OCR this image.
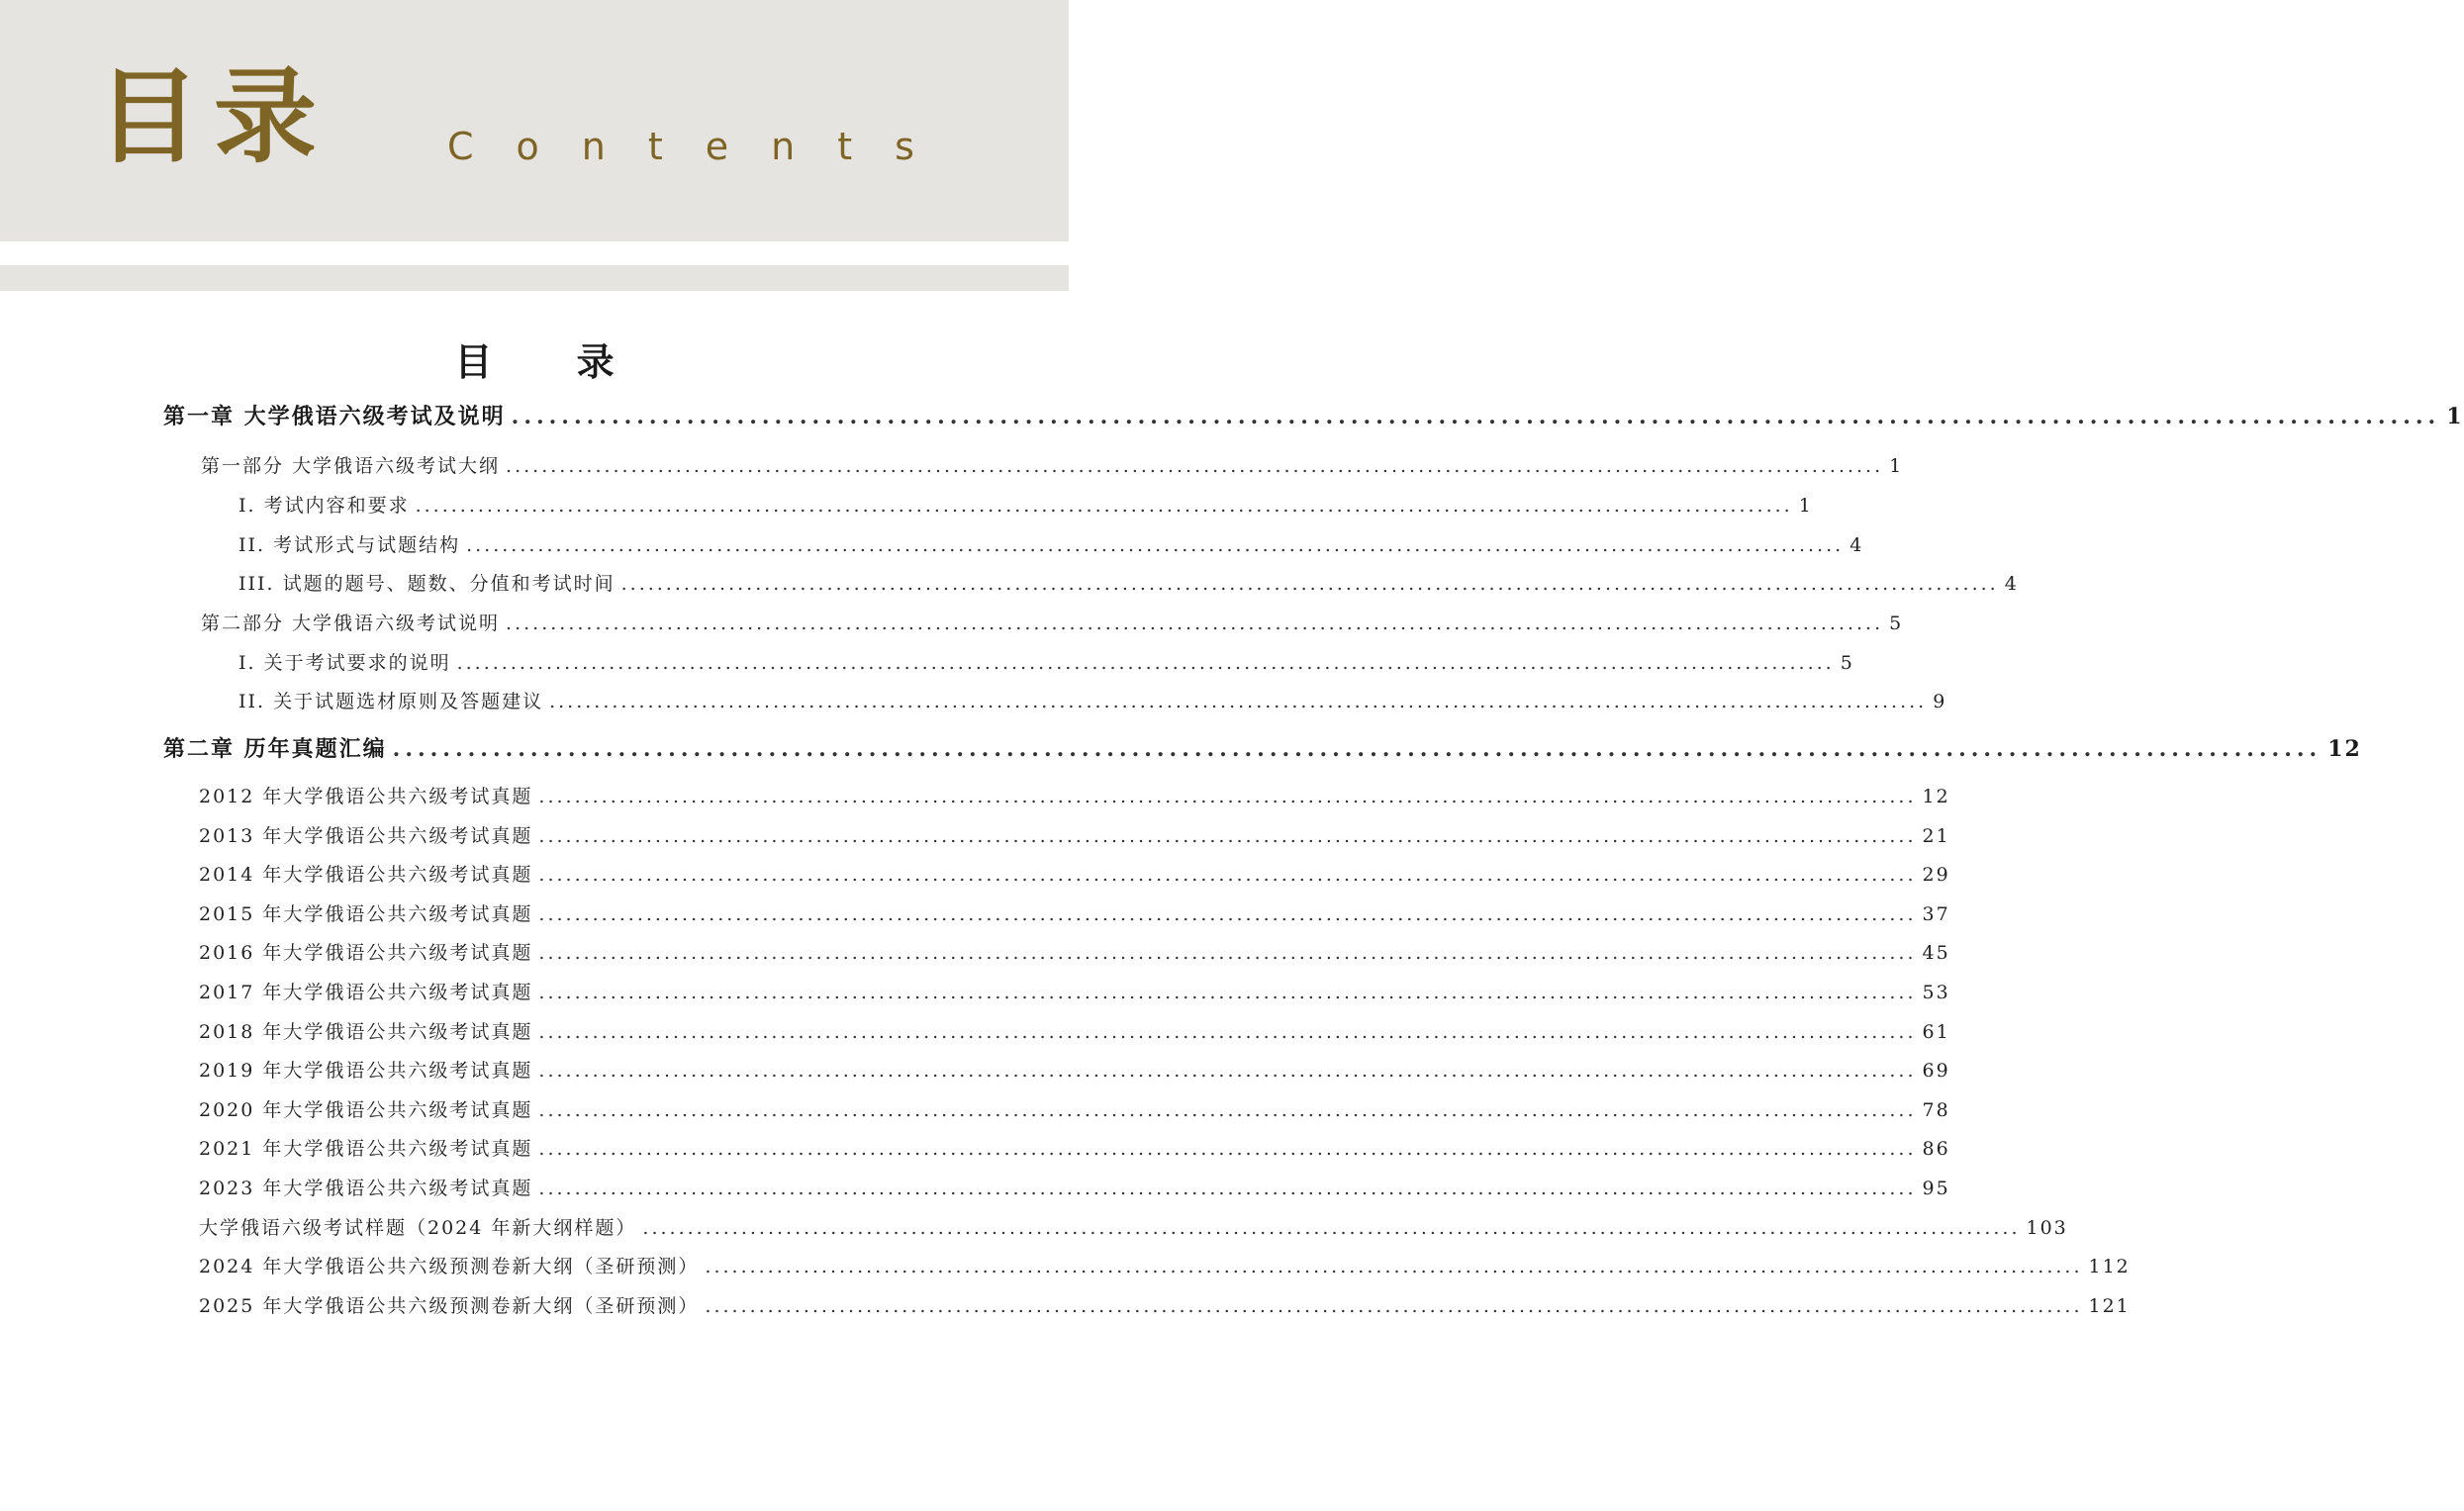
目录	Contents
目 录
第一章 大学俄语六级考试及说明 .......................................................................................................................................................... 1
第一部分 大学俄语六级考试大纲 .......................................................................................................................................................... 1
I. 考试内容和要求 .......................................................................................................................................................... 1
II. 考试形式与试题结构 .......................................................................................................................................................... 4
III. 试题的题号、题数、分值和考试时间 .......................................................................................................................................................... 4
第二部分 大学俄语六级考试说明 .......................................................................................................................................................... 5
I. 关于考试要求的说明 .......................................................................................................................................................... 5
II. 关于试题选材原则及答题建议 .......................................................................................................................................................... 9
第二章 历年真题汇编 .......................................................................................................................................................... 12
2012 年大学俄语公共六级考试真题 .......................................................................................................................................................... 12
2013 年大学俄语公共六级考试真题 .......................................................................................................................................................... 21
2014 年大学俄语公共六级考试真题 .......................................................................................................................................................... 29
2015 年大学俄语公共六级考试真题 .......................................................................................................................................................... 37
2016 年大学俄语公共六级考试真题 .......................................................................................................................................................... 45
2017 年大学俄语公共六级考试真题 .......................................................................................................................................................... 53
2018 年大学俄语公共六级考试真题 .......................................................................................................................................................... 61
2019 年大学俄语公共六级考试真题 .......................................................................................................................................................... 69
2020 年大学俄语公共六级考试真题 .......................................................................................................................................................... 78
2021 年大学俄语公共六级考试真题 .......................................................................................................................................................... 86
2023 年大学俄语公共六级考试真题 .......................................................................................................................................................... 95
大学俄语六级考试样题（2024 年新大纲样题） .......................................................................................................................................................... 103
2024 年大学俄语公共六级预测卷新大纲（圣研预测） .......................................................................................................................................................... 112
2025 年大学俄语公共六级预测卷新大纲（圣研预测） .......................................................................................................................................................... 121
